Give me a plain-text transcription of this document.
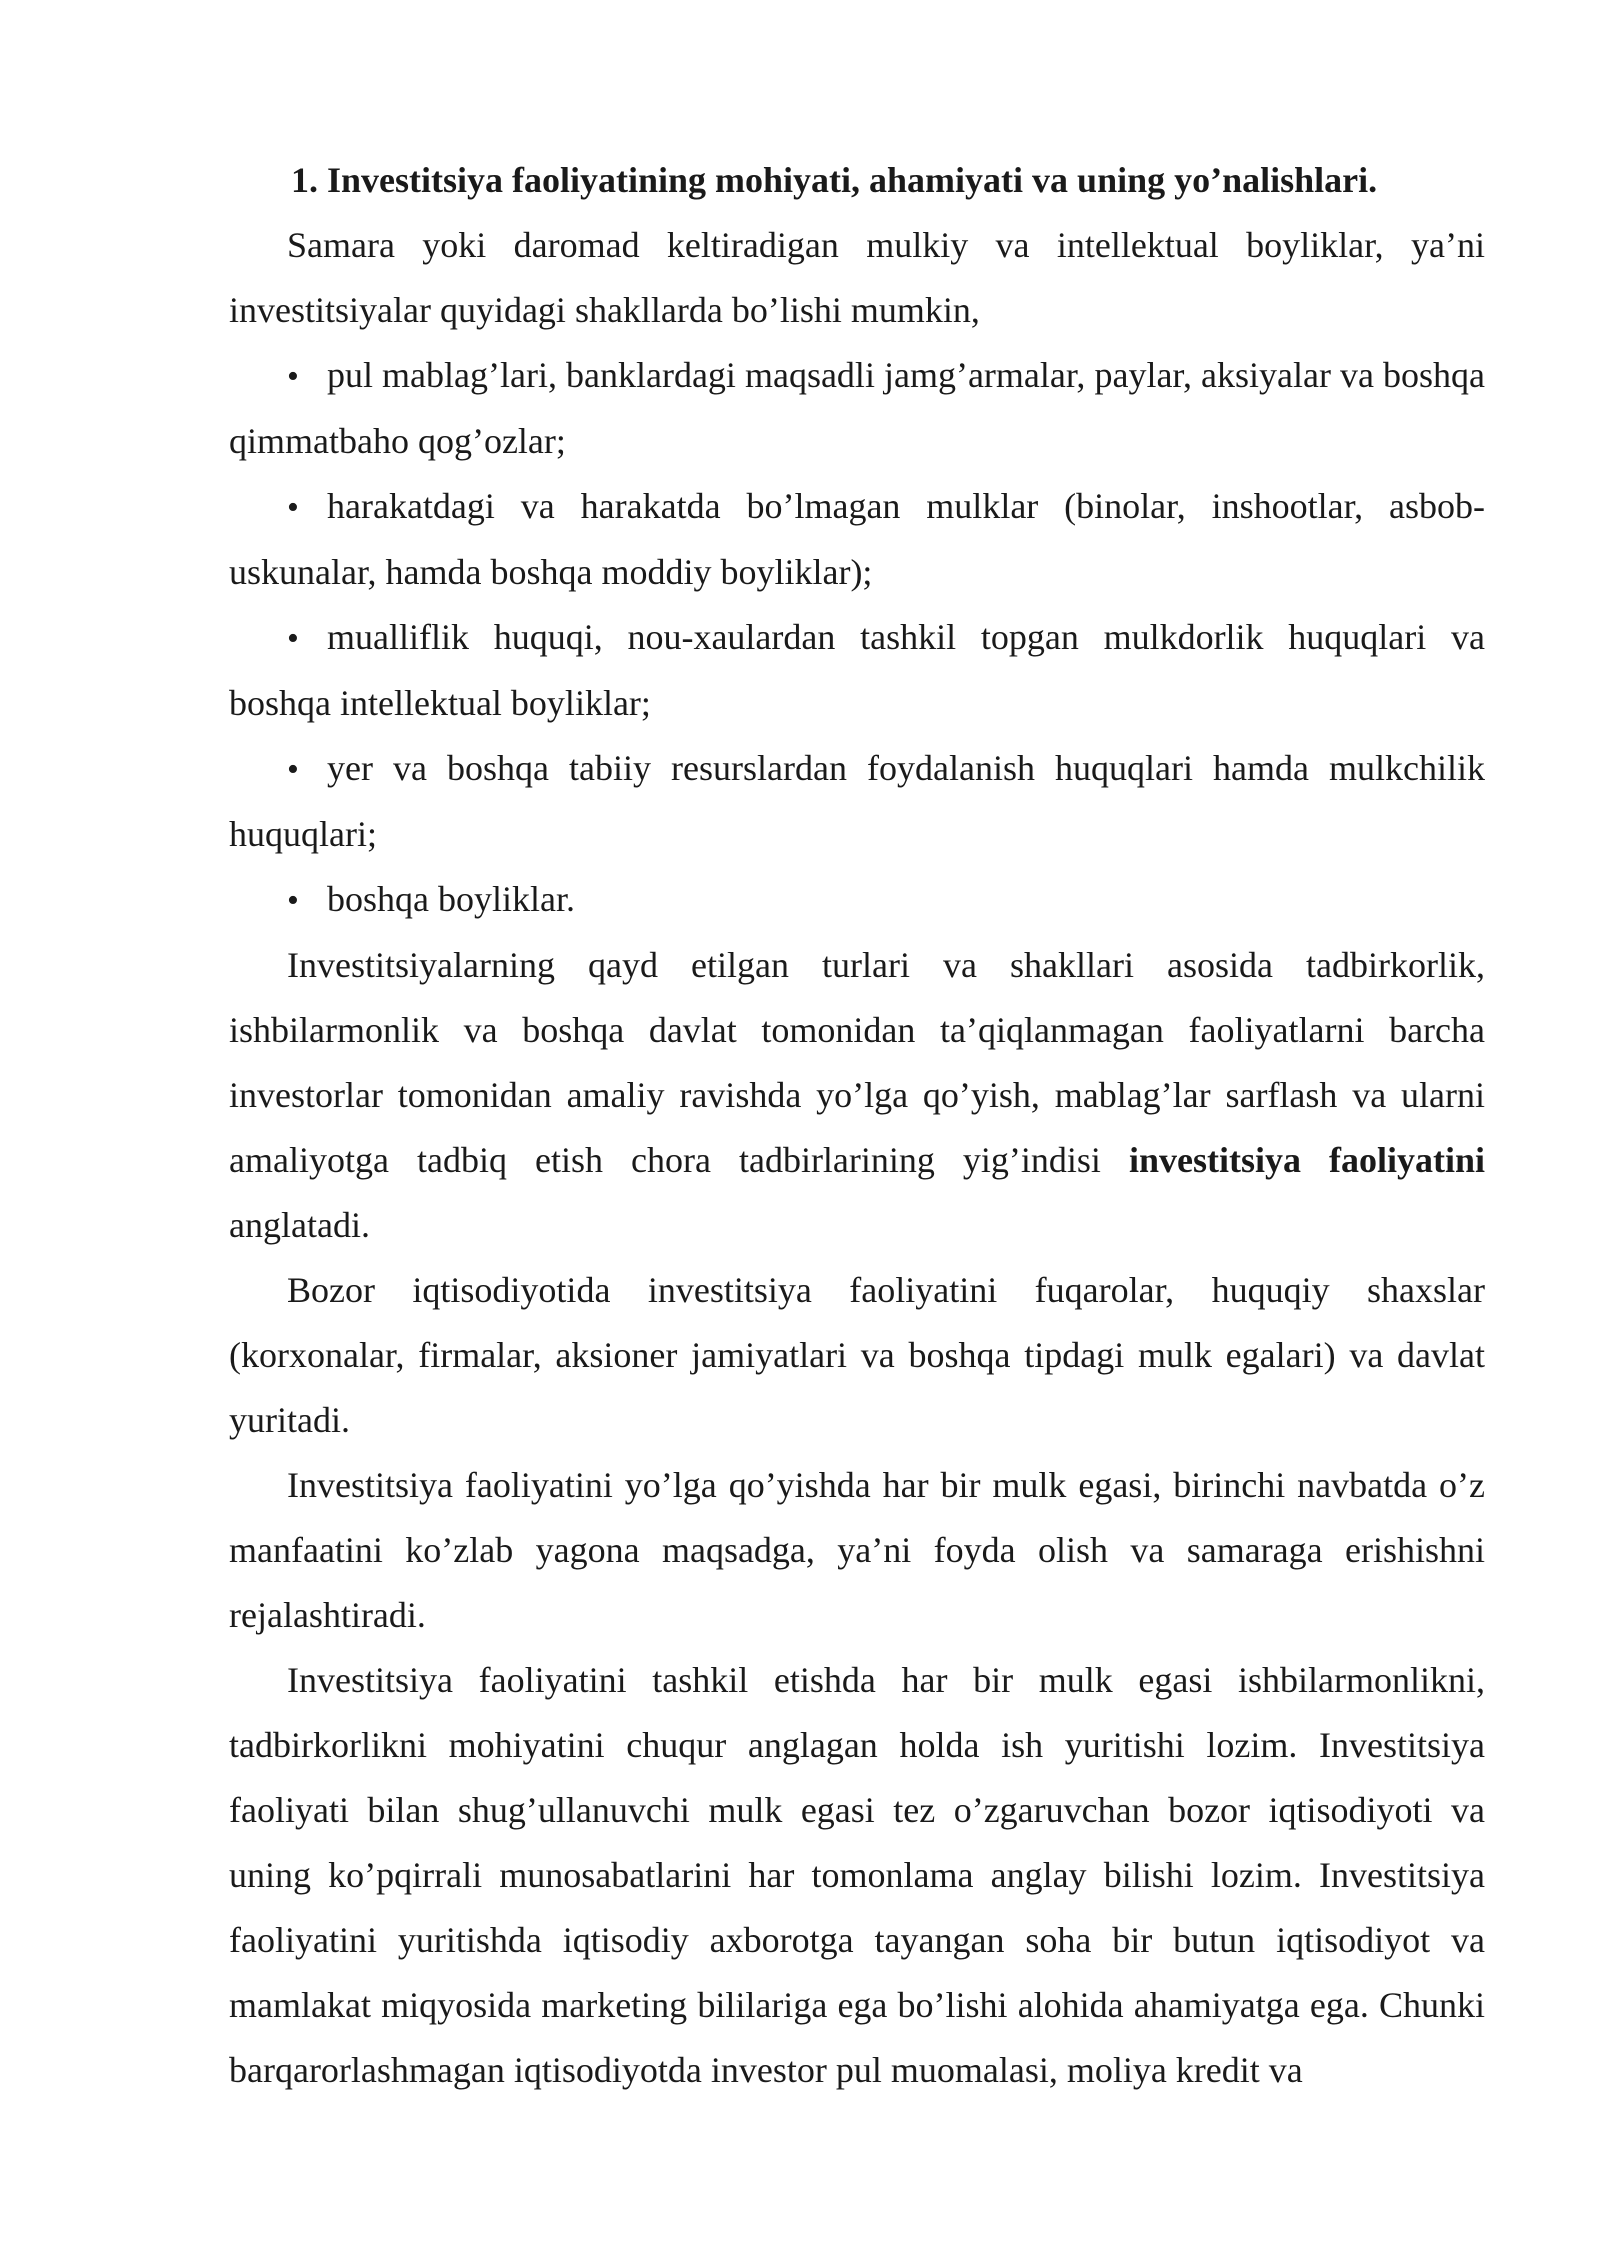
1. Investitsiya faoliyatining mohiyati, ahamiyati va uning yo’nalishlari.

Samara yoki daromad keltiradigan mulkiy va intellektual boyliklar, ya’ni investitsiyalar quyidagi shakllarda bo’lishi mumkin,

• pul mablag’lari, banklardagi maqsadli jamg’armalar, paylar, aksiyalar va boshqa qimmatbaho qog’ozlar;

• harakatdagi va harakatda bo’lmagan mulklar (binolar, inshootlar, asbob-uskunalar, hamda boshqa moddiy boyliklar);

• mualliflik huquqi, nou-xaulardan tashkil topgan mulkdorlik huquqlari va boshqa intellektual boyliklar;

• yer va boshqa tabiiy resurslardan foydalanish huquqlari hamda mulkchilik huquqlari;

• boshqa boyliklar.

Investitsiyalarning qayd etilgan turlari va shakllari asosida tadbirkorlik, ishbilarmonlik va boshqa davlat tomonidan ta’qiqlanmagan faoliyatlarni barcha investorlar tomonidan amaliy ravishda yo’lga qo’yish, mablag’lar sarflash va ularni amaliyotga tadbiq etish chora tadbirlarining yig’indisi investitsiya faoliyatini anglatadi.

Bozor iqtisodiyotida investitsiya faoliyatini fuqarolar, huquqiy shaxslar (korxonalar, firmalar, aksioner jamiyatlari va boshqa tipdagi mulk egalari) va davlat yuritadi.

Investitsiya faoliyatini yo’lga qo’yishda har bir mulk egasi, birinchi navbatda o’z manfaatini ko’zlab yagona maqsadga, ya’ni foyda olish va samaraga erishishni rejalashtiradi.

Investitsiya faoliyatini tashkil etishda har bir mulk egasi ishbilarmonlikni, tadbirkorlikni mohiyatini chuqur anglagan holda ish yuritishi lozim. Investitsiya faoliyati bilan shug’ullanuvchi mulk egasi tez o’zgaruvchan bozor iqtisodiyoti va uning ko’pqirrali munosabatlarini har tomonlama anglay bilishi lozim. Investitsiya faoliyatini yuritishda iqtisodiy axborotga tayangan soha bir butun iqtisodiyot va mamlakat miqyosida marketing bililariga ega bo’lishi alohida ahamiyatga ega. Chunki barqarorlashmagan iqtisodiyotda investor pul muomalasi, moliya kredit va
